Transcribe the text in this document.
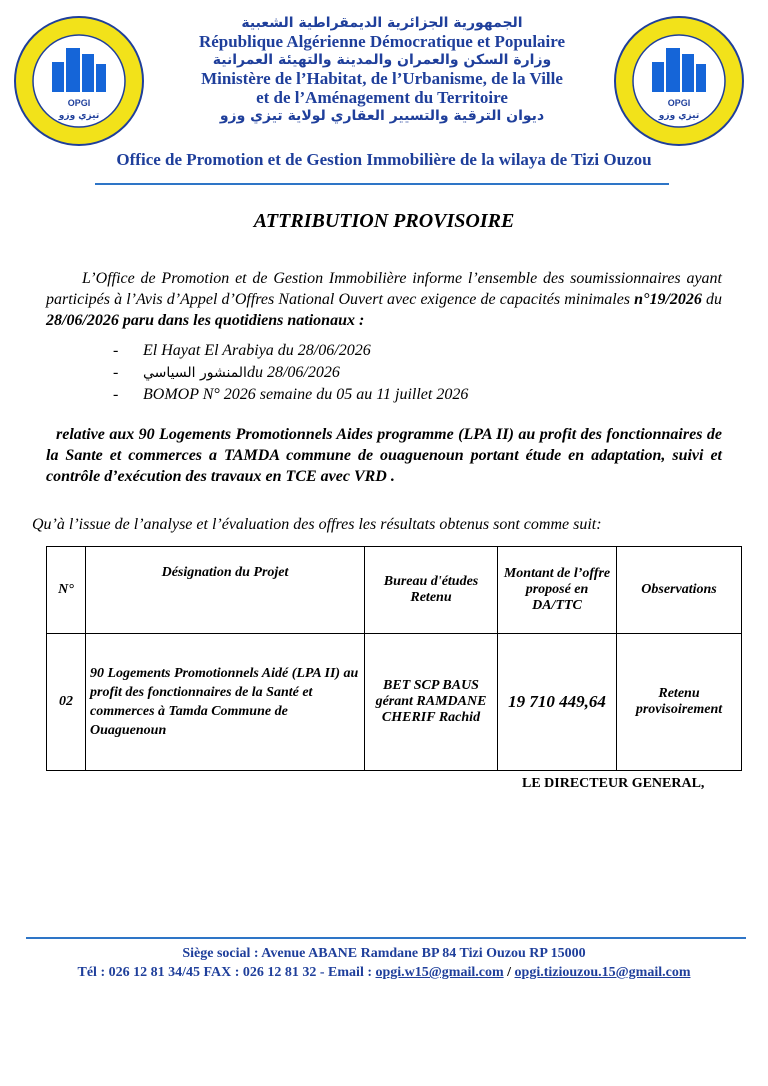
OPGI
تيزي وزو
OPGI
تيزي وزو
الجمهورية الجزائرية الديمقراطية الشعبية
République Algérienne Démocratique et Populaire
وزارة السكن والعمران والمدينة والتهيئة العمرانية
Ministère de l’Habitat, de l’Urbanisme, de la Ville
et de l’Aménagement du Territoire
ديوان الترقية والتسيير العقاري لولاية تيزي وزو
Office de Promotion et de Gestion Immobilière de la wilaya de Tizi Ouzou
ATTRIBUTION PROVISOIRE
L’Office de Promotion et de Gestion Immobilière informe l’ensemble des soumissionnaires ayant participés à l’Avis d’Appel d’Offres National Ouvert avec exigence de capacités minimales n°19/2026 du 28/06/2026 paru dans les quotidiens nationaux :
-	El Hayat El Arabiya du 28/06/2026
-	المنشور السياسي du 28/06/2026
-	BOMOP N° 2026 semaine du 05 au 11 juillet 2026
relative aux 90 Logements Promotionnels Aides programme (LPA II) au profit des fonctionnaires de la Sante et commerces a TAMDA commune de ouaguenoun portant étude en adaptation, suivi et contrôle d’exécution des travaux en TCE avec VRD .
Qu’à l’issue de l’analyse et l’évaluation des offres les résultats obtenus sont comme suit:
N°	Désignation du Projet	Bureau d'études Retenu	Montant de l’offre proposé en DA/TTC	Observations
02	90 Logements Promotionnels Aidé (LPA II) au profit des fonctionnaires de la Santé et commerces à Tamda Commune de Ouaguenoun	BET SCP BAUS gérant RAMDANE CHERIF Rachid	19 710 449,64	Retenu provisoirement
LE DIRECTEUR GENERAL,
Siège social : Avenue ABANE Ramdane BP 84 Tizi Ouzou RP 15000
Tél : 026 12 81 34/45 FAX : 026 12 81 32 - Email : opgi.w15@gmail.com / opgi.tiziouzou.15@gmail.com
